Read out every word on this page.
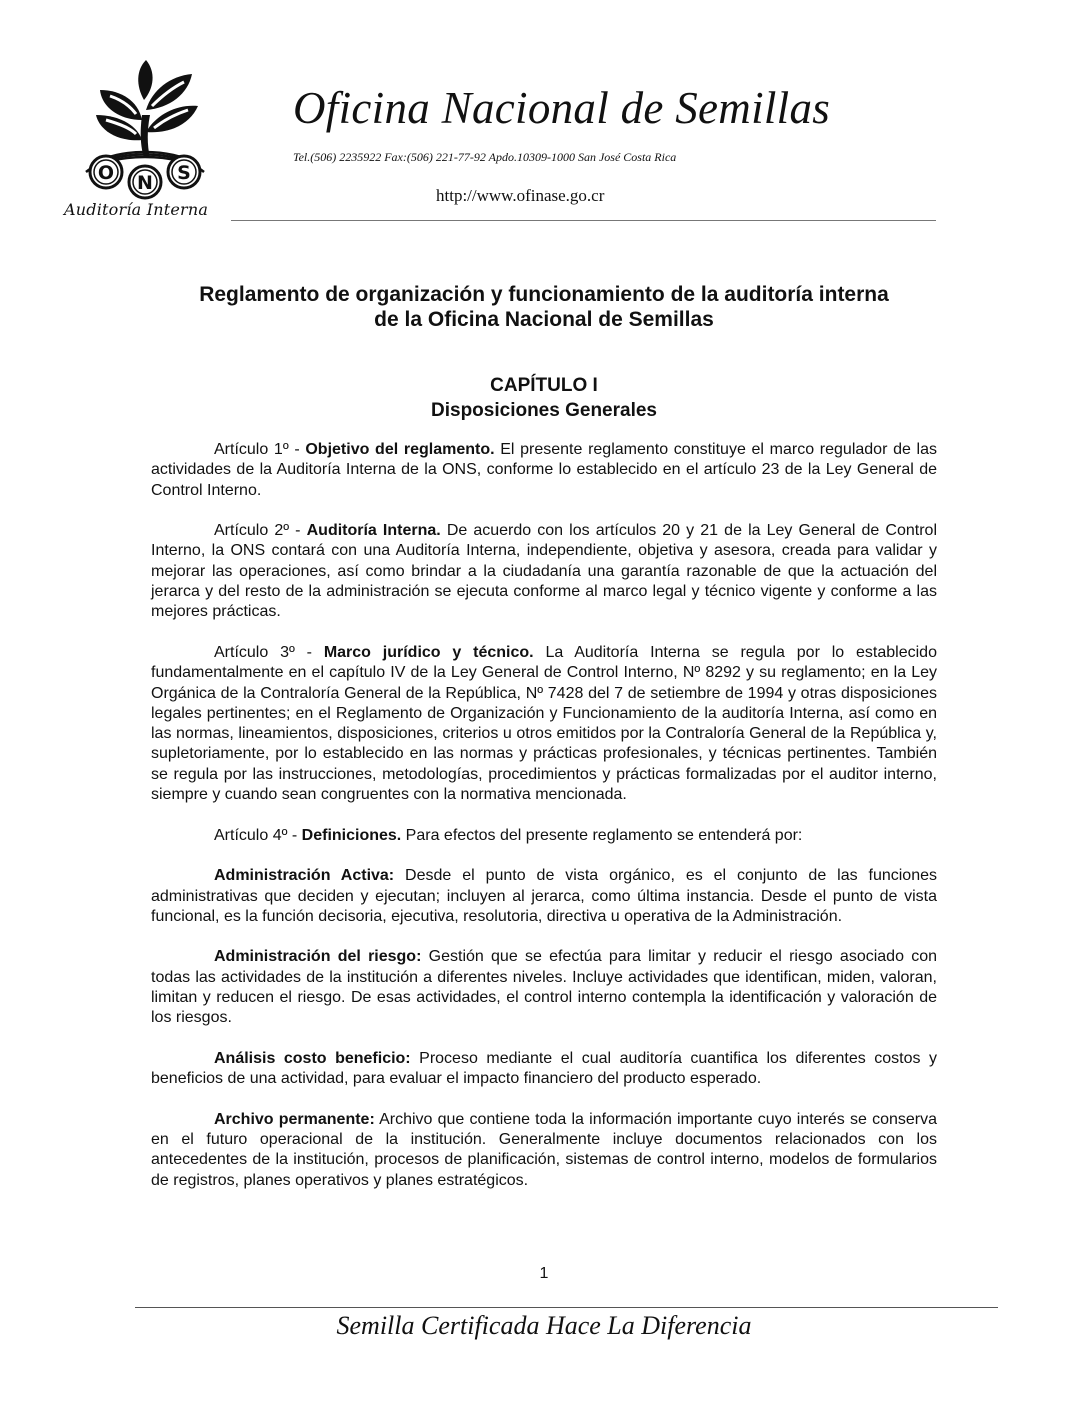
O N S
Auditoría Interna
Oficina Nacional de Semillas
Tel.(506) 2235922 Fax:(506) 221-77-92 Apdo.10309-1000 San José Costa Rica
http://www.ofinase.go.cr
Reglamento de organización y funcionamiento de la auditoría interna
de la Oficina Nacional de Semillas
CAPÍTULO I
Disposiciones Generales

Artículo 1º - Objetivo del reglamento. El presente reglamento constituye el marco regulador de las actividades de la Auditoría Interna de la ONS, conforme lo establecido en el artículo 23 de la Ley General de Control Interno.

Artículo 2º - Auditoría Interna. De acuerdo con los artículos 20 y 21 de la Ley General de Control Interno, la ONS contará con una Auditoría Interna, independiente, objetiva y asesora, creada para validar y mejorar las operaciones, así como brindar a la ciudadanía una garantía razonable de que la actuación del jerarca y del resto de la administración se ejecuta conforme al marco legal y técnico vigente y conforme a las mejores prácticas.

Artículo 3º - Marco jurídico y técnico. La Auditoría Interna se regula por lo establecido fundamentalmente en el capítulo IV de la Ley General de Control Interno, Nº 8292 y su reglamento; en la Ley Orgánica de la Contraloría General de la República, Nº 7428 del 7 de setiembre de 1994 y otras disposiciones legales pertinentes; en el Reglamento de Organización y Funcionamiento de la auditoría Interna, así como en las normas, lineamientos, disposiciones, criterios u otros emitidos por la Contraloría General de la República y, supletoriamente, por lo establecido en las normas y prácticas profesionales, y técnicas pertinentes. También se regula por las instrucciones, metodologías, procedimientos y prácticas formalizadas por el auditor interno, siempre y cuando sean congruentes con la normativa mencionada.

Artículo 4º - Definiciones. Para efectos del presente reglamento se entenderá por:

Administración Activa: Desde el punto de vista orgánico, es el conjunto de las funciones administrativas que deciden y ejecutan; incluyen al jerarca, como última instancia. Desde el punto de vista funcional, es la función decisoria, ejecutiva, resolutoria, directiva u operativa de la Administración.

Administración del riesgo: Gestión que se efectúa para limitar y reducir el riesgo asociado con todas las actividades de la institución a diferentes niveles. Incluye actividades que identifican, miden, valoran, limitan y reducen el riesgo. De esas actividades, el control interno contempla la identificación y valoración de los riesgos.

Análisis costo beneficio: Proceso mediante el cual auditoría cuantifica los diferentes costos y beneficios de una actividad, para evaluar el impacto financiero del producto esperado.

Archivo permanente: Archivo que contiene toda la información importante cuyo interés se conserva en el futuro operacional de la institución. Generalmente incluye documentos relacionados con los antecedentes de la institución, procesos de planificación, sistemas de control interno, modelos de formularios de registros, planes operativos y planes estratégicos.

1
Semilla Certificada Hace La Diferencia
